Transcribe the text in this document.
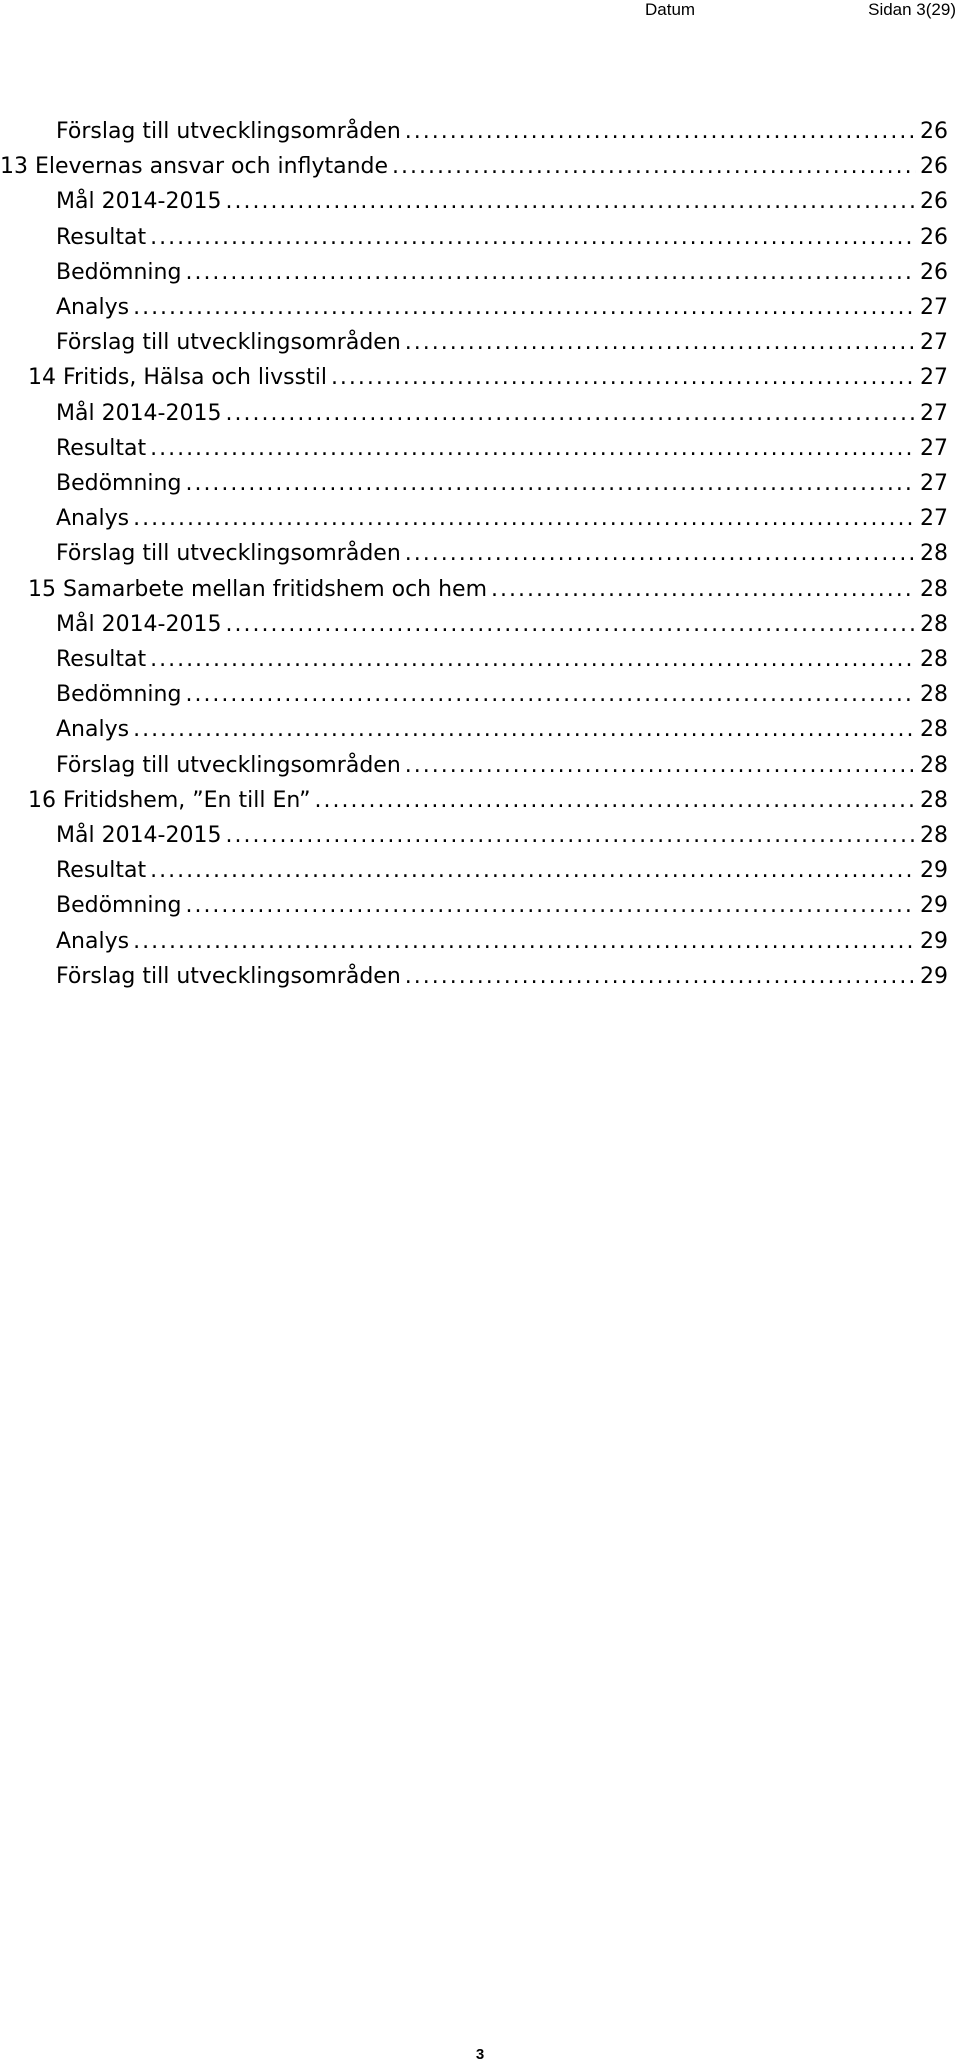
Datum	Sidan 3(29)
Förslag till utvecklingsområden .....	26
13 Elevernas ansvar och inflytande .....	26
Mål 2014-2015 .....	26
Resultat .....	26
Bedömning .....	26
Analys .....	27
Förslag till utvecklingsområden .....	27
14 Fritids, Hälsa och livsstil .....	27
Mål 2014-2015 .....	27
Resultat .....	27
Bedömning .....	27
Analys .....	27
Förslag till utvecklingsområden .....	28
15 Samarbete mellan fritidshem och hem .....	28
Mål 2014-2015 .....	28
Resultat .....	28
Bedömning .....	28
Analys .....	28
Förslag till utvecklingsområden .....	28
16 Fritidshem, ”En till En” .....	28
Mål 2014-2015 .....	28
Resultat .....	29
Bedömning .....	29
Analys .....	29
Förslag till utvecklingsområden .....	29
3
